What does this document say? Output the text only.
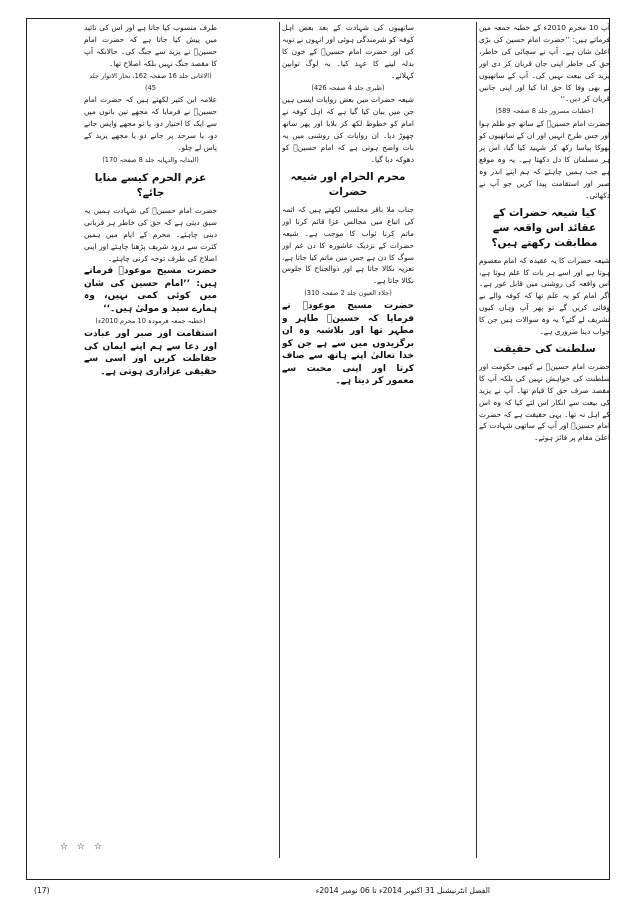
آپ 10 محرم 2010ء کے خطبہ جمعہ میں فرماتے ہیں: ’’حضرت امام حسین کی بڑی اعلیٰ شان ہے۔ آپ نے سچائی کی خاطر، حق کی خاطر اپنی جان قربان کر دی اور یزید کی بیعت نہیں کی۔ آپ کے ساتھیوں نے بھی وفا کا حق ادا کیا اور اپنی جانیں قربان کر دیں۔‘‘

(خطبات مسرور جلد 8 صفحہ 589)

حضرت امام حسینؓ کے ساتھ جو ظلم ہوا اور جس طرح انہیں اور ان کے ساتھیوں کو بھوکا پیاسا رکھ کر شہید کیا گیا، اس پر ہر مسلمان کا دل دکھتا ہے۔ یہ وہ موقع ہے جب ہمیں چاہئے کہ ہم اپنے اندر وہ صبر اور استقامت پیدا کریں جو آپ نے دکھائی۔

کیا شیعہ حضرات کے عقائد اس واقعہ سے مطابقت رکھتے ہیں؟

شیعہ حضرات کا یہ عقیدہ کہ امام معصوم ہوتا ہے اور اسے ہر بات کا علم ہوتا ہے، اس واقعہ کی روشنی میں قابل غور ہے۔ اگر امام کو یہ علم تھا کہ کوفہ والے بے وفائی کریں گے تو پھر آپ وہاں کیوں تشریف لے گئے؟ یہ وہ سوالات ہیں جن کا جواب دینا ضروری ہے۔

سلطنت کی حقیقت

حضرت امام حسینؓ نے کبھی حکومت اور سلطنت کی خواہش نہیں کی بلکہ آپ کا مقصد صرف حق کا قیام تھا۔ آپ نے یزید کی بیعت سے انکار اس لئے کیا کہ وہ اس کے اہل نہ تھا۔ یہی حقیقت ہے کہ حضرت امام حسینؓ اور آپ کے ساتھی شہادت کے اعلیٰ مقام پر فائز ہوئے۔

ساتھیوں کی شہادت کے بعد بعض اہل کوفہ کو شرمندگی ہوئی اور انہوں نے توبہ کی اور حضرت امام حسینؓ کے خون کا بدلہ لینے کا عہد کیا۔ یہ لوگ توابین کہلائے۔

(طبری جلد 4 صفحہ 426)

شیعہ حضرات میں بعض روایات ایسی ہیں جن میں بیان کیا گیا ہے کہ اہل کوفہ نے امام کو خطوط لکھ کر بلایا اور پھر ساتھ چھوڑ دیا۔ ان روایات کی روشنی میں یہ بات واضح ہوتی ہے کہ امام حسینؓ کو دھوکہ دیا گیا۔

محرم الحرام اور شیعہ حضرات

جناب ملا باقر مجلسی لکھتے ہیں کہ ائمہ کی اتباع میں مجالس عزا قائم کرنا اور ماتم کرنا ثواب کا موجب ہے۔ شیعہ حضرات کے نزدیک عاشورہ کا دن غم اور سوگ کا دن ہے جس میں ماتم کیا جاتا ہے، تعزیہ نکالا جاتا ہے اور ذوالجناح کا جلوس نکالا جاتا ہے۔

(جلاء العیون جلد 2 صفحہ 310)

حضرت مسیح موعودؑ نے فرمایا کہ حسینؓ طاہر و مطہر تھا اور بلاشبہ وہ ان برگزیدوں میں سے ہے جن کو خدا تعالیٰ اپنے ہاتھ سے صاف کرتا اور اپنی محبت سے معمور کر دیتا ہے۔

طرف منسوب کیا جاتا ہے اور اس کی تائید میں پیش کیا جاتا ہے کہ حضرت امام حسینؓ نے یزید سے جنگ کی۔ حالانکہ آپ کا مقصد جنگ نہیں بلکہ اصلاح تھا۔

(الاغانی جلد 16 صفحہ 162، بحار الانوار جلد 45)

علامہ ابن کثیر لکھتے ہیں کہ حضرت امام حسینؓ نے فرمایا کہ مجھے تین باتوں میں سے ایک کا اختیار دو، یا تو مجھے واپس جانے دو، یا سرحد پر جانے دو یا مجھے یزید کے پاس لے چلو۔

(البدایہ والنہایہ جلد 8 صفحہ 170)
عزم الحرم کیسے منایا جائے؟

حضرت امام حسینؓ کی شہادت ہمیں یہ سبق دیتی ہے کہ حق کی خاطر ہر قربانی دینی چاہئے۔ محرم کے ایام میں ہمیں کثرت سے درود شریف پڑھنا چاہئے اور اپنی اصلاح کی طرف توجہ کرنی چاہئے۔

حضرت مسیح موعودؑ فرماتے ہیں: ’’امام حسین کی شان میں کوئی کمی نہیں، وہ ہمارے سید و مولیٰ ہیں۔‘‘

(خطبہ جمعہ فرمودہ 10 محرم 2010ء)

استقامت اور صبر اور عبادت اور دعا سے ہم اپنے ایمان کی حفاظت کریں اور اسی سے حقیقی عزاداری ہوتی ہے۔

☆ ☆ ☆
الفضل انٹرنیشنل 31 اکتوبر 2014ء تا 06 نومبر 2014ء
(17)
